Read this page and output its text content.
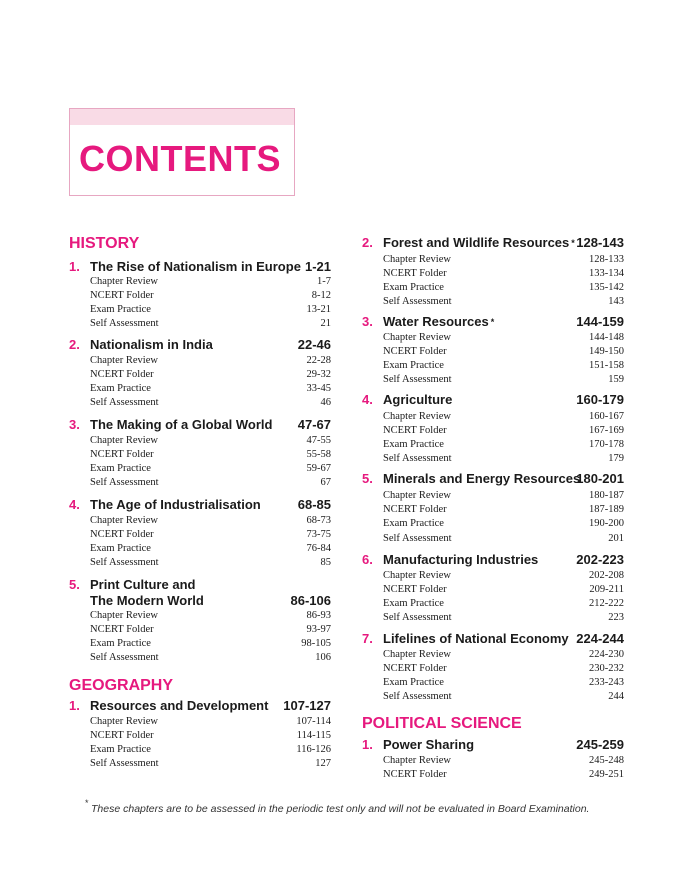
CONTENTS
HISTORY
1. The Rise of Nationalism in Europe 1-21
Chapter Review	1-7
NCERT Folder	8-12
Exam Practice	13-21
Self Assessment	21
2. Nationalism in India	22-46
Chapter Review	22-28
NCERT Folder	29-32
Exam Practice	33-45
Self Assessment	46
3. The Making of a Global World 47-67
Chapter Review	47-55
NCERT Folder	55-58
Exam Practice	59-67
Self Assessment	67
4. The Age of Industrialisation	68-85
Chapter Review	68-73
NCERT Folder	73-75
Exam Practice	76-84
Self Assessment	85
5. Print Culture and
The Modern World	86-106
Chapter Review	86-93
NCERT Folder	93-97
Exam Practice	98-105
Self Assessment	106
GEOGRAPHY
1. Resources and Development 107-127
Chapter Review	107-114
NCERT Folder	114-115
Exam Practice	116-126
Self Assessment	127
2. Forest and Wildlife Resources * 128-143
Chapter Review	128-133
NCERT Folder	133-134
Exam Practice	135-142
Self Assessment	143
3. Water Resources *	144-159
Chapter Review	144-148
NCERT Folder	149-150
Exam Practice	151-158
Self Assessment	159
4. Agriculture	160-179
Chapter Review	160-167
NCERT Folder	167-169
Exam Practice	170-178
Self Assessment	179
5. Minerals and Energy Resources
180-201
Chapter Review	180-187
NCERT Folder	187-189
Exam Practice	190-200
Self Assessment	201
6. Manufacturing Industries	202-223
Chapter Review	202-208
NCERT Folder	209-211
Exam Practice	212-222
Self Assessment	223
7. Lifelines of National Economy 224-244
Chapter Review	224-230
NCERT Folder	230-232
Exam Practice	233-243
Self Assessment	244
POLITICAL SCIENCE
1. Power Sharing	245-259
Chapter Review	245-248
NCERT Folder	249-251
* These chapters are to be assessed in the periodic test only and will not be evaluated in Board Examination.
